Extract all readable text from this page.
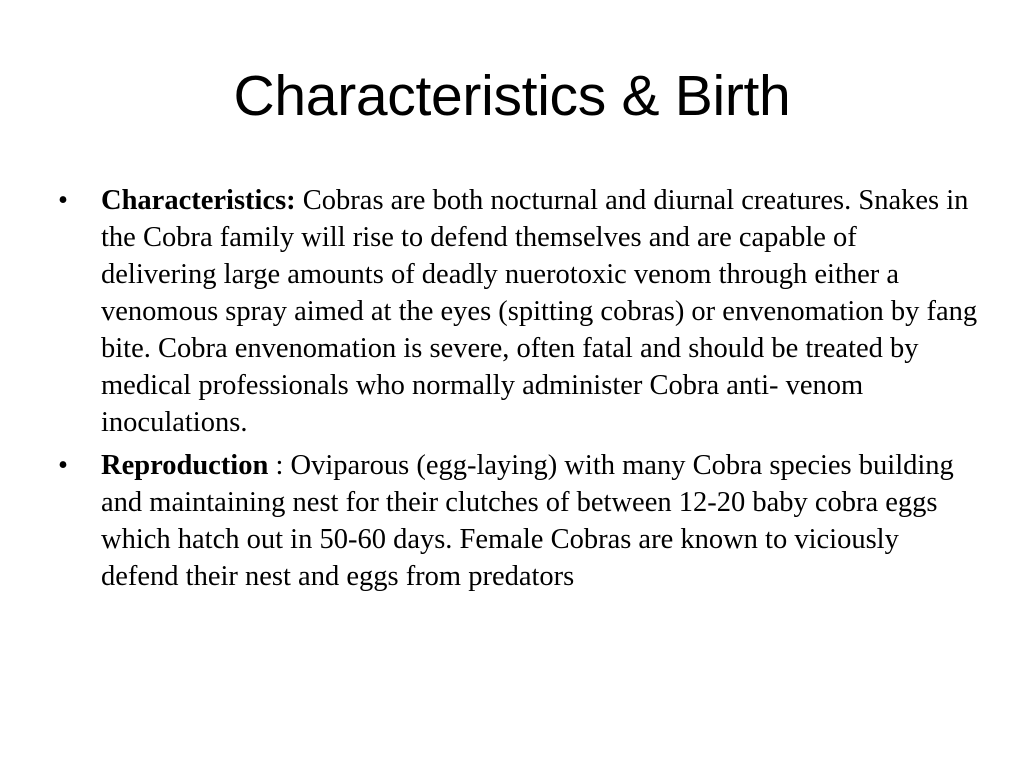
Characteristics & Birth
•	Characteristics: Cobras are both nocturnal and diurnal creatures. Snakes in the Cobra family will rise to defend themselves and are capable of delivering large amounts of deadly nuerotoxic venom through either a venomous spray aimed at the eyes (spitting cobras) or envenomation by fang bite. Cobra envenomation is severe, often fatal and should be treated by medical professionals who normally administer Cobra anti- venom inoculations.
•	Reproduction : Oviparous (egg-laying) with many Cobra species building and maintaining nest for their clutches of between 12-20 baby cobra eggs which hatch out in 50-60 days. Female Cobras are known to viciously defend their nest and eggs from predators
